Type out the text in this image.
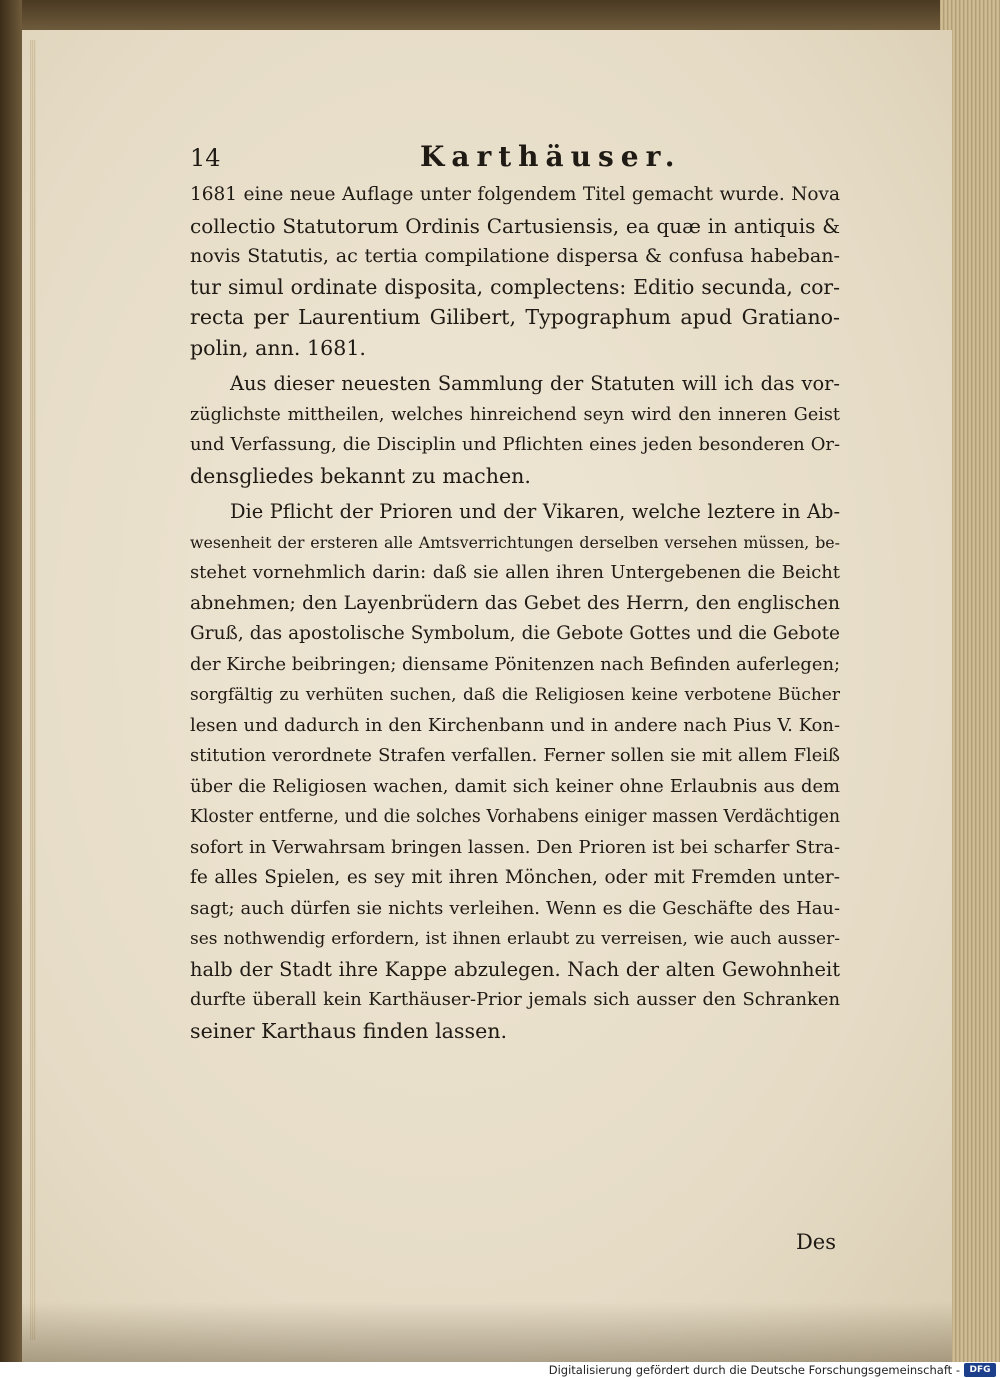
14	Karthäuser.
1681 eine neue Auflage unter folgendem Titel gemacht wurde. Nova
collectio Statutorum Ordinis Cartusiensis, ea quæ in antiquis &
novis Statutis, ac tertia compilatione dispersa & confusa habeban-
tur simul ordinate disposita, complectens: Editio secunda, cor-
recta per Laurentium Gilibert, Typographum apud Gratiano-
polin, ann. 1681.
Aus dieser neuesten Sammlung der Statuten will ich das vor-
züglichste mittheilen, welches hinreichend seyn wird den inneren Geist
und Verfassung, die Disciplin und Pflichten eines jeden besonderen Or-
densgliedes bekannt zu machen.
Die Pflicht der Prioren und der Vikaren, welche leztere in Ab-
wesenheit der ersteren alle Amtsverrichtungen derselben versehen müssen, be-
stehet vornehmlich darin: daß sie allen ihren Untergebenen die Beicht
abnehmen; den Layenbrüdern das Gebet des Herrn, den englischen
Gruß, das apostolische Symbolum, die Gebote Gottes und die Gebote
der Kirche beibringen; diensame Pönitenzen nach Befinden auferlegen;
sorgfältig zu verhüten suchen, daß die Religiosen keine verbotene Bücher
lesen und dadurch in den Kirchenbann und in andere nach Pius V. Kon-
stitution verordnete Strafen verfallen. Ferner sollen sie mit allem Fleiß
über die Religiosen wachen, damit sich keiner ohne Erlaubnis aus dem
Kloster entferne, und die solches Vorhabens einiger massen Verdächtigen
sofort in Verwahrsam bringen lassen. Den Prioren ist bei scharfer Stra-
fe alles Spielen, es sey mit ihren Mönchen, oder mit Fremden unter-
sagt; auch dürfen sie nichts verleihen. Wenn es die Geschäfte des Hau-
ses nothwendig erfordern, ist ihnen erlaubt zu verreisen, wie auch ausser-
halb der Stadt ihre Kappe abzulegen. Nach der alten Gewohnheit
durfte überall kein Karthäuser-Prior jemals sich ausser den Schranken
seiner Karthaus finden lassen.
Des
Digitalisierung gefördert durch die Deutsche Forschungsgemeinschaft -	DFG
